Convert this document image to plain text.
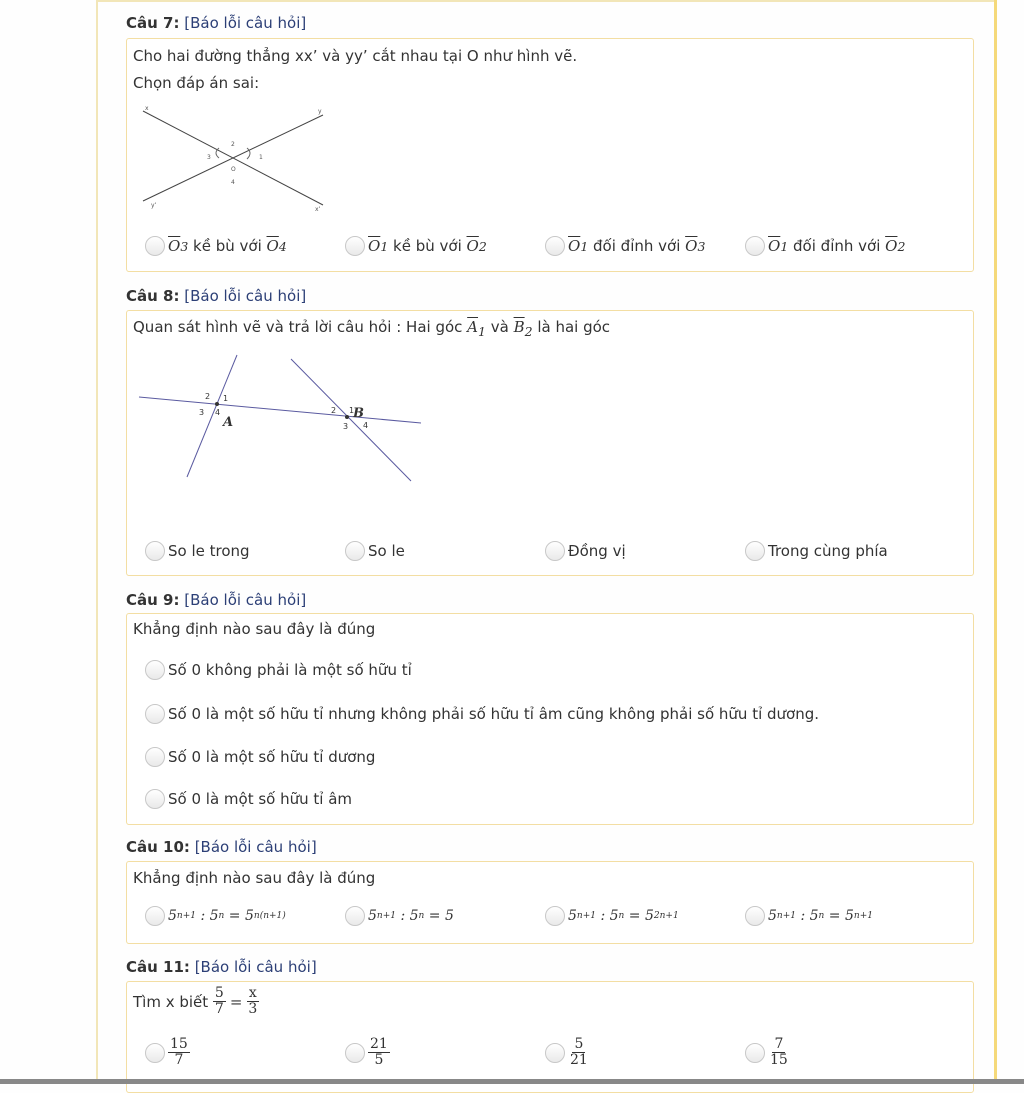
Câu 7: [Báo lỗi câu hỏi]
Cho hai đường thẳng xx’ và yy’ cắt nhau tại O như hình vẽ.
Chọn đáp án sai:
x	y
y’
x’
1
2
3
4
O
$\overline{O}$ 3 kề bù với $\overline{O}$ 4	$\overline{O}$ 1 kề bù với $\overline{O}$ 2	$\overline{O}$ 1 đối đỉnh với $\overline{O}$ 3	$\overline{O}$ 1 đối đỉnh với $\overline{O}$ 2
Câu 8: [Báo lỗi câu hỏi]
Quan sát hình vẽ và trả lời câu hỏi : Hai góc $\overline{A}_1$ và $\overline{B}_2$ là hai góc
A
B
1
2
3 4	1
2
3 4
So le trong	So le	Đồng vị	Trong cùng phía
Câu 9: [Báo lỗi câu hỏi]
Khẳng định nào sau đây là đúng
Số 0 không phải là một số hữu tỉ
Số 0 là một số hữu tỉ nhưng không phải số hữu tỉ âm cũng không phải số hữu tỉ dương.
Số 0 là một số hữu tỉ dương
Số 0 là một số hữu tỉ âm
Câu 10: [Báo lỗi câu hỏi]
Khẳng định nào sau đây là đúng
5 n+1 : 5 n = 5 n(n+1)	5 n+1 : 5 n = 5	5 n+1 : 5 n = 5 2n+1	5 n+1 : 5 n = 5 n+1
Câu 11: [Báo lỗi câu hỏi]
Tìm x biết $\frac{5}{7} = \frac{x}{3}$
$\frac{15}{7}$	$\frac{21}{5}$	$\frac{5}{21}$	$\frac{7}{15}$
